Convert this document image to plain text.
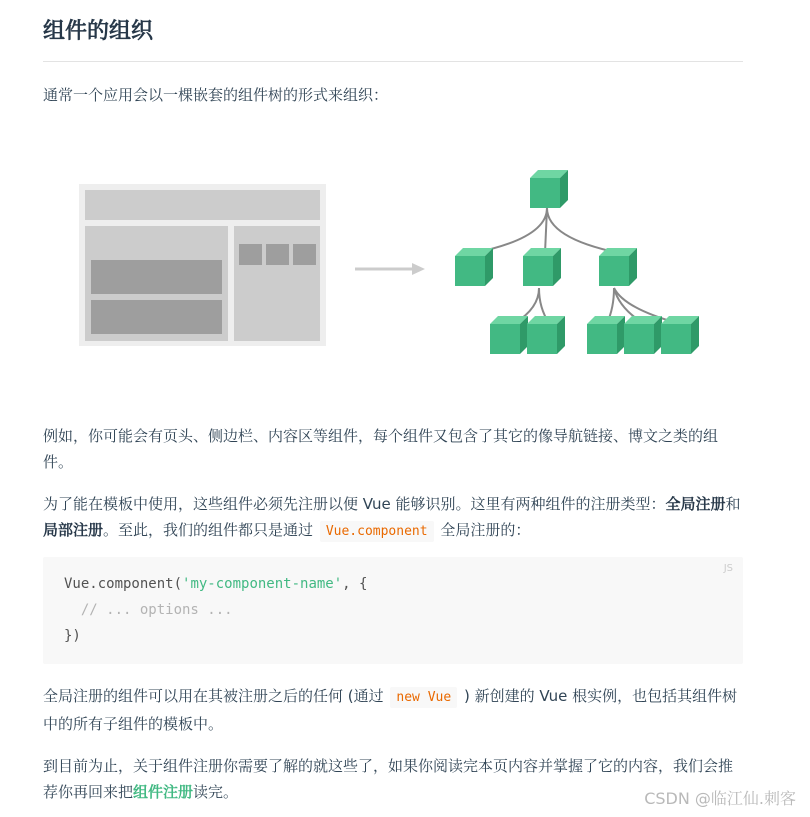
组件的组织

通常一个应用会以一棵嵌套的组件树的形式来组织：

例如，你可能会有页头、侧边栏、内容区等组件，每个组件又包含了其它的像导航链接、博文之类的组件。

为了能在模板中使用，这些组件必须先注册以便 Vue 能够识别。这里有两种组件的注册类型：全局注册和局部注册。至此，我们的组件都只是通过 Vue.component 全局注册的：

JS
Vue.component('my-component-name', {
// ... options ...
})

全局注册的组件可以用在其被注册之后的任何 (通过 new Vue ) 新创建的 Vue 根实例，也包括其组件树中的所有子组件的模板中。

到目前为止，关于组件注册你需要了解的就这些了，如果你阅读完本页内容并掌握了它的内容，我们会推荐你再回来把组件注册读完。	CSDN @临江仙.刺客
